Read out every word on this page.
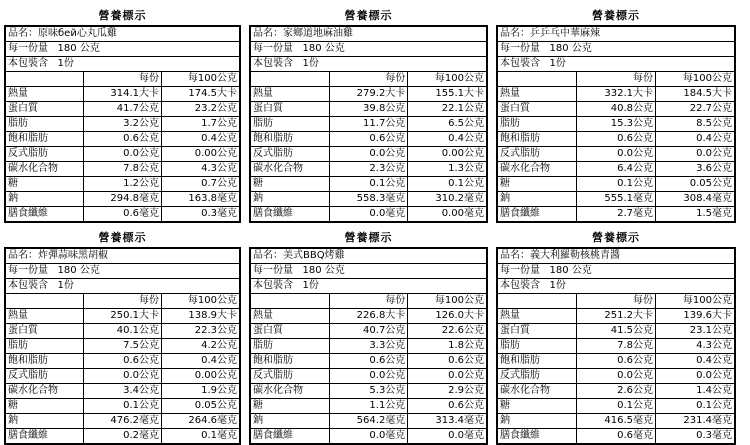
營養標示
品名：原味бей心丸瓜雞		
每一份量 180 公克		
本包裝含 1份		
	每份	每100公克
熱量	314.1大卡	174.5大卡
蛋白質	41.7公克	23.2公克
脂肪	3.2公克	1.7公克
飽和脂肪	0.6公克	0.4公克
反式脂肪	0.0公克	0.00公克
碳水化合物	7.8公克	4.3公克
糖	1.2公克	0.7公克
鈉	294.8毫克	163.8毫克
膳食纖維	0.6毫克	0.3毫克
營養標示
品名：家鄉道地麻油雞		
每一份量 180 公克		
本包裝含 1份		
	每份	每100公克
熱量	279.2大卡	155.1大卡
蛋白質	39.8公克	22.1公克
脂肪	11.7公克	6.5公克
飽和脂肪	0.6公克	0.4公克
反式脂肪	0.0公克	0.00公克
碳水化合物	2.3公克	1.3公克
糖	0.1公克	0.1公克
鈉	558.3毫克	310.2毫克
膳食纖維	0.0毫克	0.00毫克
營養標示
品名：乒乒乓中華麻辣		
每一份量 180 公克		
本包裝含 1份		
	每份	每100公克
熱量	332.1大卡	184.5大卡
蛋白質	40.8公克	22.7公克
脂肪	15.3公克	8.5公克
飽和脂肪	0.6公克	0.4公克
反式脂肪	0.0公克	0.0公克
碳水化合物	6.4公克	3.6公克
糖	0.1公克	0.05公克
鈉	555.1毫克	308.4毫克
膳食纖維	2.7毫克	1.5毫克
營養標示
品名：炸彈蒜味黑胡椒		
每一份量 180 公克		
本包裝含 1份		
	每份	每100公克
熱量	250.1大卡	138.9大卡
蛋白質	40.1公克	22.3公克
脂肪	7.5公克	4.2公克
飽和脂肪	0.6公克	0.4公克
反式脂肪	0.0公克	0.00公克
碳水化合物	3.4公克	1.9公克
糖	0.1公克	0.05公克
鈉	476.2毫克	264.6毫克
膳食纖維	0.2毫克	0.1毫克
營養標示
品名：美式BBQ烤雞		
每一份量 180 公克		
本包裝含 1份		
	每份	每100公克
熱量	226.8大卡	126.0大卡
蛋白質	40.7公克	22.6公克
脂肪	3.3公克	1.8公克
飽和脂肪	0.6公克	0.6公克
反式脂肪	0.0公克	0.0公克
碳水化合物	5.3公克	2.9公克
糖	1.1公克	0.6公克
鈉	564.2毫克	313.4毫克
膳食纖維	0.0毫克	0.0毫克
營養標示
品名：義大利羅勒核桃青醬		
每一份量 180 公克		
本包裝含 1份		
	每份	每100公克
熱量	251.2大卡	139.6大卡
蛋白質	41.5公克	23.1公克
脂肪	7.8公克	4.3公克
飽和脂肪	0.6公克	0.4公克
反式脂肪	0.0公克	0.0公克
碳水化合物	2.6公克	1.4公克
糖	0.1公克	0.1公克
鈉	416.5毫克	231.4毫克
膳食纖維	0.6毫克	0.3毫克
